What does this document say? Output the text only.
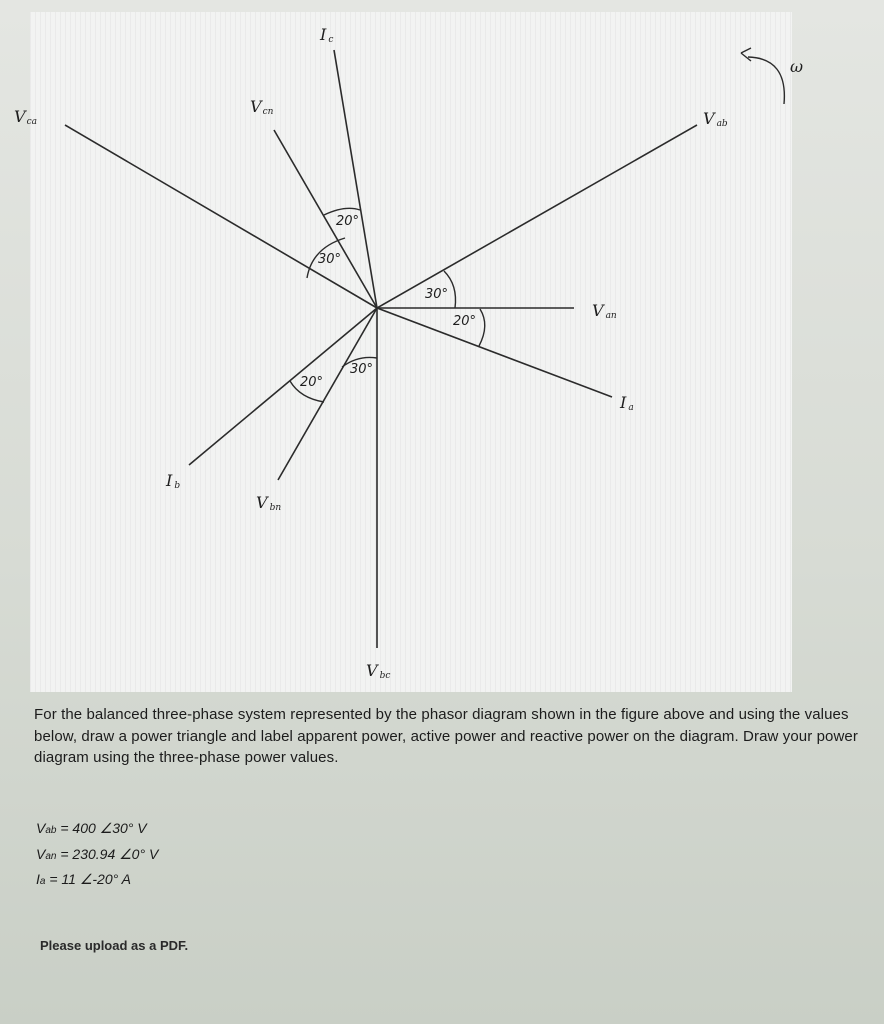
20°
30°
30°
20°
20°
30°
Vca
Vcn
Ic
Vab
Van
Ia
Ib
Vbn
Vbc
ω
For the balanced three-phase system represented by the phasor diagram shown in the figure above and using the values below, draw a power triangle and label apparent power, active power and reactive power on the diagram. Draw your power diagram using the three-phase power values.
Vab = 400 ∠30° V
Van = 230.94 ∠0° V
Ia = 11 ∠-20° A
Please upload as a PDF.
